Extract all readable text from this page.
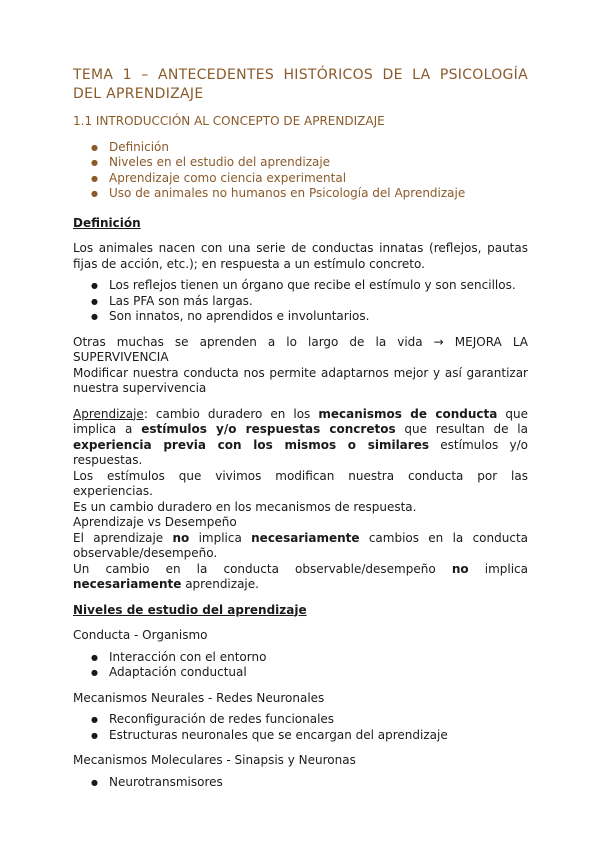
TEMA 1 – ANTECEDENTES HISTÓRICOS DE LA PSICOLOGÍA DEL APRENDIZAJE
1.1 INTRODUCCIÓN AL CONCEPTO DE APRENDIZAJE
● Definición
● Niveles en el estudio del aprendizaje
● Aprendizaje como ciencia experimental
● Uso de animales no humanos en Psicología del Aprendizaje
Definición

Los animales nacen con una serie de conductas innatas (reflejos, pautas fijas de acción, etc.); en respuesta a un estímulo concreto.

● Los reflejos tienen un órgano que recibe el estímulo y son sencillos.
● Las PFA son más largas.
● Son innatos, no aprendidos e involuntarios.

Otras muchas se aprenden a lo largo de la vida → MEJORA LA SUPERVIVENCIA

Modificar nuestra conducta nos permite adaptarnos mejor y así garantizar nuestra supervivencia

Aprendizaje: cambio duradero en los mecanismos de conducta que implica a estímulos y/o respuestas concretos que resultan de la experiencia previa con los mismos o similares estímulos y/o respuestas.

Los estímulos que vivimos modifican nuestra conducta por las experiencias.

Es un cambio duradero en los mecanismos de respuesta.

Aprendizaje vs Desempeño

El aprendizaje no implica necesariamente cambios en la conducta observable/desempeño.

Un cambio en la conducta observable/desempeño no implica necesariamente aprendizaje.

Niveles de estudio del aprendizaje

Conducta - Organismo

● Interacción con el entorno
● Adaptación conductual

Mecanismos Neurales - Redes Neuronales

● Reconfiguración de redes funcionales
● Estructuras neuronales que se encargan del aprendizaje

Mecanismos Moleculares - Sinapsis y Neuronas

● Neurotransmisores
